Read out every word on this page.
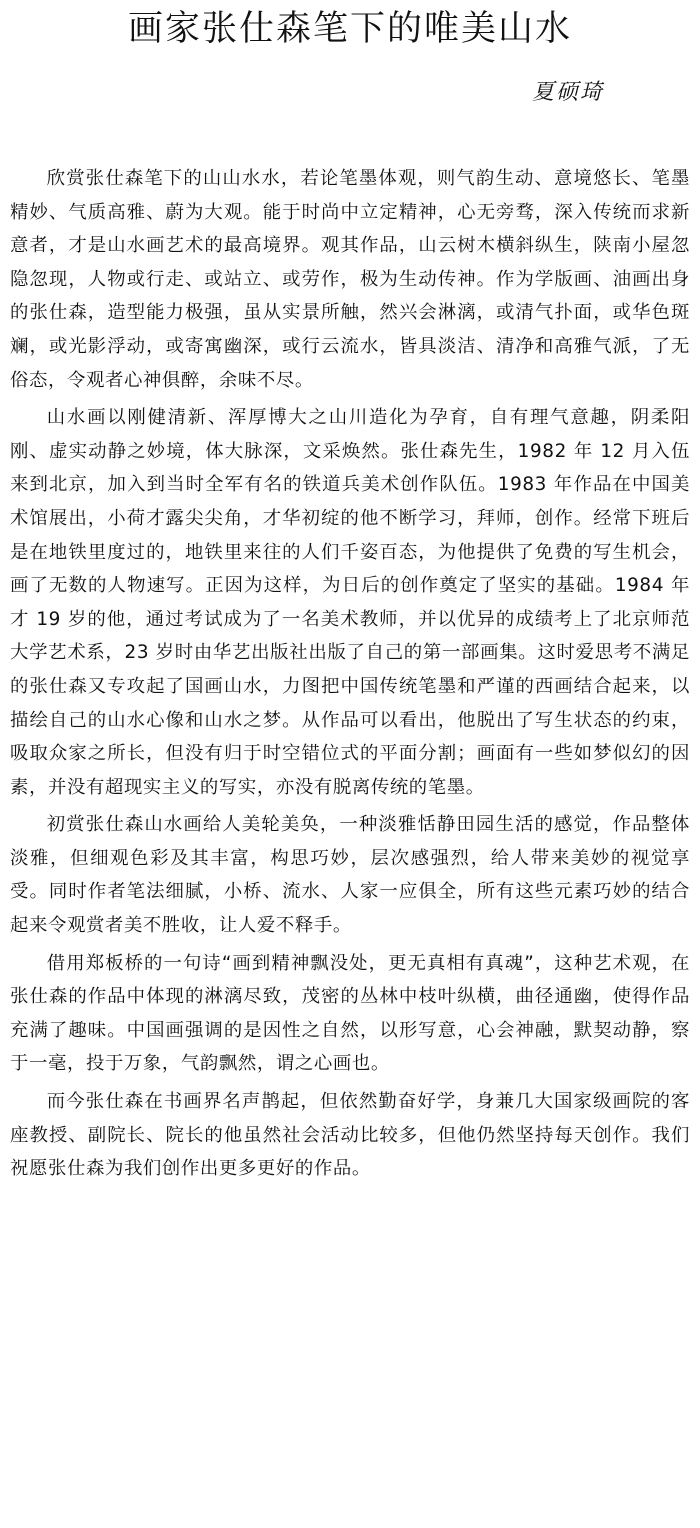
画家张仕森笔下的唯美山水
夏硕琦

欣赏张仕森笔下的山山水水，若论笔墨体观，则气韵生动、意境悠长、笔墨精妙、气质高雅、蔚为大观。能于时尚中立定精神，心无旁骛，深入传统而求新意者，才是山水画艺术的最高境界。观其作品，山云树木横斜纵生，陕南小屋忽隐忽现，人物或行走、或站立、或劳作，极为生动传神。作为学版画、油画出身的张仕森，造型能力极强，虽从实景所触，然兴会淋漓，或清气扑面，或华色斑斓，或光影浮动，或寄寓幽深，或行云流水，皆具淡洁、清净和高雅气派，了无俗态，令观者心神俱醉，余味不尽。

山水画以刚健清新、浑厚博大之山川造化为孕育，自有理气意趣，阴柔阳刚、虚实动静之妙境，体大脉深，文采焕然。张仕森先生，1982 年 12 月入伍来到北京，加入到当时全军有名的铁道兵美术创作队伍。1983 年作品在中国美术馆展出，小荷才露尖尖角，才华初绽的他不断学习，拜师，创作。经常下班后是在地铁里度过的，地铁里来往的人们千姿百态，为他提供了免费的写生机会，画了无数的人物速写。正因为这样，为日后的创作奠定了坚实的基础。1984 年才 19 岁的他，通过考试成为了一名美术教师，并以优异的成绩考上了北京师范大学艺术系，23 岁时由华艺出版社出版了自己的第一部画集。这时爱思考不满足的张仕森又专攻起了国画山水，力图把中国传统笔墨和严谨的西画结合起来，以描绘自己的山水心像和山水之梦。从作品可以看出，他脱出了写生状态的约束，吸取众家之所长，但没有归于时空错位式的平面分割；画面有一些如梦似幻的因素，并没有超现实主义的写实，亦没有脱离传统的笔墨。

初赏张仕森山水画给人美轮美奂，一种淡雅恬静田园生活的感觉，作品整体淡雅，但细观色彩及其丰富，构思巧妙，层次感强烈，给人带来美妙的视觉享受。同时作者笔法细腻，小桥、流水、人家一应俱全，所有这些元素巧妙的结合起来令观赏者美不胜收，让人爱不释手。

借用郑板桥的一句诗“画到精神飘没处，更无真相有真魂”，这种艺术观，在张仕森的作品中体现的淋漓尽致，茂密的丛林中枝叶纵横，曲径通幽，使得作品充满了趣味。中国画强调的是因性之自然，以形写意，心会神融，默契动静，察于一毫，投于万象，气韵飘然，谓之心画也。

而今张仕森在书画界名声鹊起，但依然勤奋好学，身兼几大国家级画院的客座教授、副院长、院长的他虽然社会活动比较多，但他仍然坚持每天创作。我们祝愿张仕森为我们创作出更多更好的作品。
